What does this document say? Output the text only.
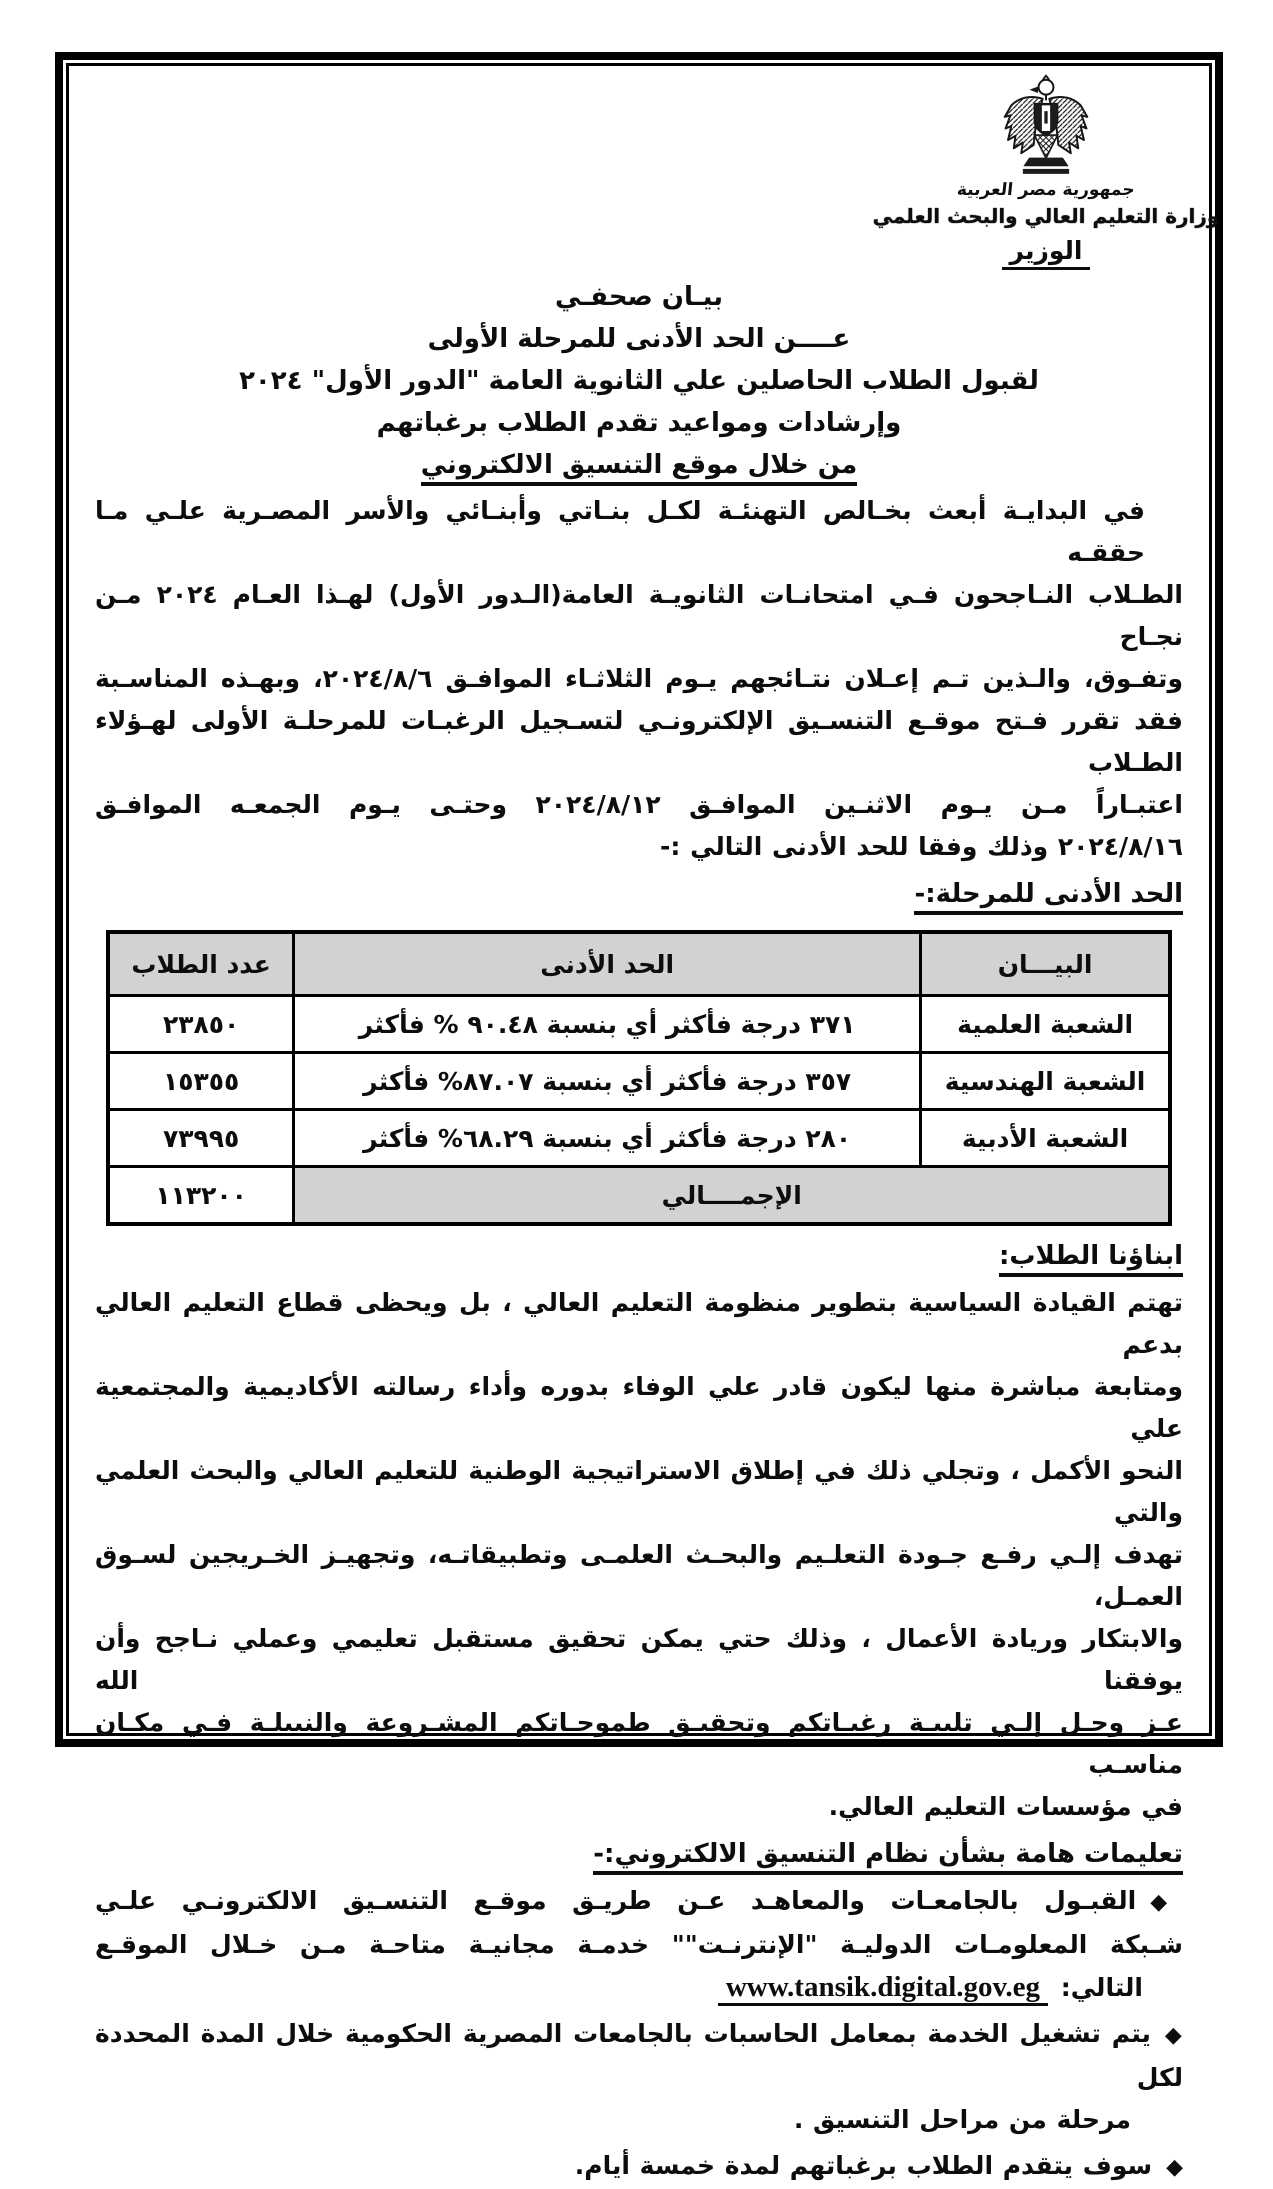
جمهورية مصر العربية
وزارة التعليم العالي والبحث العلمي
الوزير
بيـان صحفـي
عــــن الحد الأدنى للمرحلة الأولى
لقبول الطلاب الحاصلين علي الثانوية العامة "الدور الأول" ٢٠٢٤
وإرشادات ومواعيد تقدم الطلاب برغباتهم
من خلال موقع التنسيق الالكتروني
في البدايـة أبعث بخـالص التهنئـة لكـل بنـاتي وأبنـائي والأسر المصـرية علـي مـا حققـه
الطـلاب النـاجحون فـي امتحانـات الثانويـة العامة(الـدور الأول) لهـذا العـام ٢٠٢٤ مـن نجـاح
وتفـوق، والـذين تـم إعـلان نتـائجهم يـوم الثلاثـاء الموافـق ٢٠٢٤/٨/٦، وبهـذه المناسـبة
فقد تقرر فـتح موقـع التنسـيق الإلكترونـي لتسـجيل الرغبـات للمرحلـة الأولى لهـؤلاء الطـلاب
اعتبـاراً مـن يـوم الاثنـين الموافـق ٢٠٢٤/٨/١٢ وحتـى يـوم الجمعـه الموافـق
٢٠٢٤/٨/١٦ وذلك وفقا للحد الأدنى التالي :-
الحد الأدنى للمرحلة:-
البيـــان	الحد الأدنى	عدد الطلاب
الشعبة العلمية	٣٧١ درجة فأكثر أي بنسبة ٩٠.٤٨ % فأكثر	٢٣٨٥٠
الشعبة الهندسية	٣٥٧ درجة فأكثر أي بنسبة ٨٧.٠٧% فأكثر	١٥٣٥٥
الشعبة الأدبية	٢٨٠ درجة فأكثر أي بنسبة ٦٨.٢٩% فأكثر	٧٣٩٩٥
الإجمــــالي		١١٣٢٠٠
ابناؤنا الطلاب:
تهتم القيادة السياسية بتطوير منظومة التعليم العالي ، بل ويحظى قطاع التعليم العالي بدعم
ومتابعة مباشرة منها ليكون قادر علي الوفاء بدوره وأداء رسالته الأكاديمية والمجتمعية علي
النحو الأكمل ، وتجلي ذلك في إطلاق الاستراتيجية الوطنية للتعليم العالي والبحث العلمي والتي
تهدف إلـي رفـع جـودة التعلـيم والبحـث العلمـى وتطبيقاتـه، وتجهيـز الخـريجين لسـوق العمـل،
والابتكار وريادة الأعمال ، وذلك حتي يمكن تحقيق مستقبل تعليمي وعملي نـاجح وأن يوفقنا الله
عـز وجـل إلـي تلبيـة رغبـاتكم وتحقيـق طموحـاتكم المشـروعة والنبيلـة فـي مكـان مناسـب
في مؤسسات التعليم العالي.
تعليمات هامة بشأن نظام التنسيق الالكتروني:-
◆القبـول بالجامعـات والمعاهـد عـن طريـق موقـع التنسـيق الالكترونـي علـي
شـبكة المعلومـات الدوليـة "الإنترنـت"" خدمـة مجانيـة متاحـة مـن خـلال الموقـع
التالي: www.tansik.digital.gov.eg
◆يتم تشغيل الخدمة بمعامل الحاسبات بالجامعات المصرية الحكومية خلال المدة المحددة لكل
مرحلة من مراحل التنسيق .
◆سوف يتقدم الطلاب برغباتهم لمدة خمسة أيام.
